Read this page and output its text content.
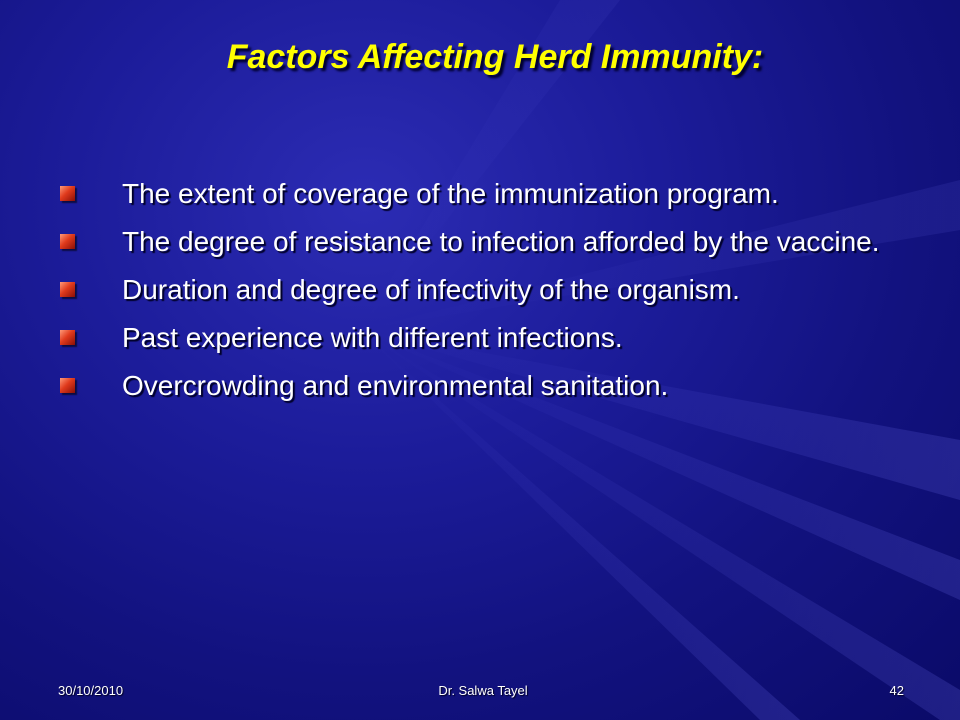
Factors Affecting Herd Immunity:
The extent of coverage of the immunization program.
The degree of resistance to infection afforded by the vaccine.
Duration and degree of infectivity of the organism.
Past experience with different infections.
Overcrowding and environmental sanitation.
30/10/2010	Dr. Salwa Tayel	42
